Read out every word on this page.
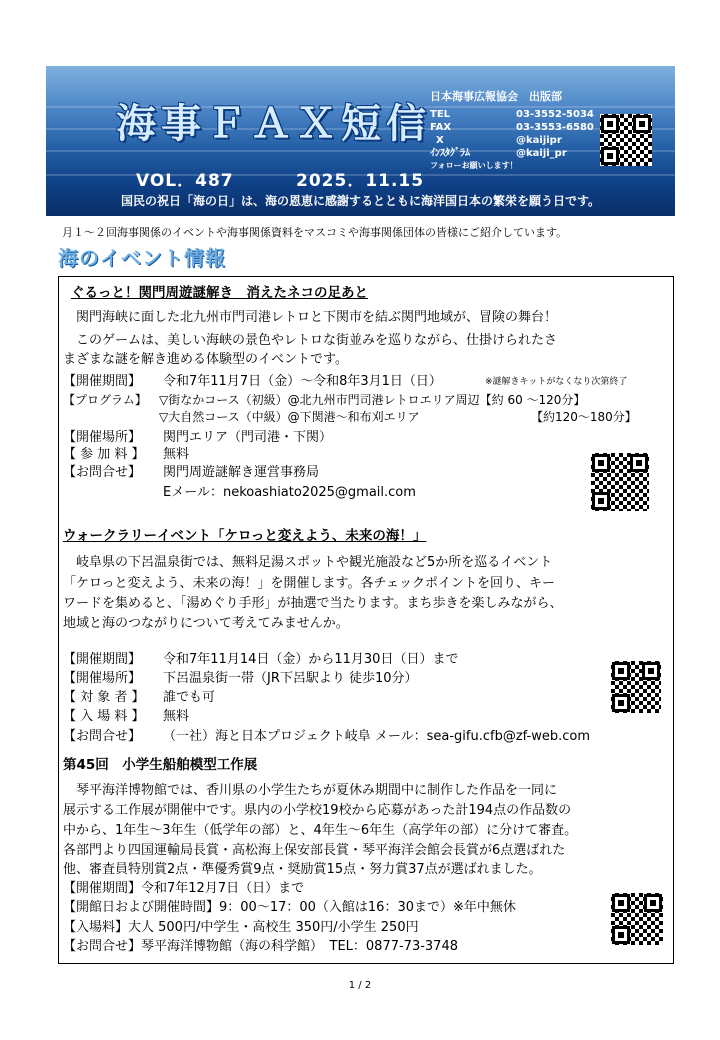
海事ＦＡＸ短信
VOL．487	2025．11.15
日本海事広報協会　出版部
TEL	03-3552-5034
FAX	03-3553-6580
X	@kaijipr
ｲﾝｽﾀｸﾞﾗﾑ	@kaiji_pr
フォローお願いします！
国民の祝日「海の日」は、海の恩恵に感謝するとともに海洋国日本の繁栄を願う日です。
月１～２回海事関係のイベントや海事関係資料をマスコミや海事関係団体の皆様にご紹介しています。
海のイベント情報
ぐるっと！関門周遊謎解き　消えたネコの足あと
　関門海峡に面した北九州市門司港レトロと下関市を結ぶ関門地域が、冒険の舞台！
　このゲームは、美しい海峡の景色やレトロな街並みを巡りながら、仕掛けられたさ
まざまな謎を解き進める体験型のイベントです。
【開催期間】 令和7年11月7日（金）～令和8年3月1日（日）	※謎解きキットがなくなり次第終了
【プログラム】 ▽街なかコース（初級）@北九州市門司港レトロエリア周辺【約 60 ～120分】
▽大自然コース（中級）@下関港～和布刈エリア	【約120～180分】
【開催場所】 関門エリア（門司港・下関）
【 参 加 料 】 無料
【お問合せ】 関門周遊謎解き運営事務局
Eメール：nekoashiato2025@gmail.com
ウォークラリーイベント「ケロっと変えよう、未来の海！」
　岐阜県の下呂温泉街では、無料足湯スポットや観光施設など5か所を巡るイベント
「ケロっと変えよう、未来の海！」を開催します。各チェックポイントを回り、キー
ワードを集めると、「湯めぐり手形」が抽選で当たります。まち歩きを楽しみながら、
地域と海のつながりについて考えてみませんか。
【開催期間】 令和7年11月14日（金）から11月30日（日）まで
【開催場所】 下呂温泉街一帯（JR下呂駅より 徒歩10分）
【 対 象 者 】 誰でも可
【 入 場 料 】 無料
【お問合せ】 （一社）海と日本プロジェクト岐阜 メール：sea-gifu.cfb@zf-web.com
第45回　小学生船舶模型工作展
　琴平海洋博物館では、香川県の小学生たちが夏休み期間中に制作した作品を一同に
展示する工作展が開催中です。県内の小学校19校から応募があった計194点の作品数の
中から、1年生～3年生（低学年の部）と、4年生～6年生（高学年の部）に分けて審査。
各部門より四国運輸局長賞・高松海上保安部長賞・琴平海洋会館会長賞が6点選ばれた
他、審査員特別賞2点・準優秀賞9点・奨励賞15点・努力賞37点が選ばれました。
【開催期間】令和7年12月7日（日）まで
【開館日および開催時間】9：00～17：00（入館は16：30まで）※年中無休
【入場料】大人 500円/中学生・高校生 350円/小学生 250円
【お問合せ】琴平海洋博物館（海の科学館）　TEL：0877-73-3748
1 / 2
